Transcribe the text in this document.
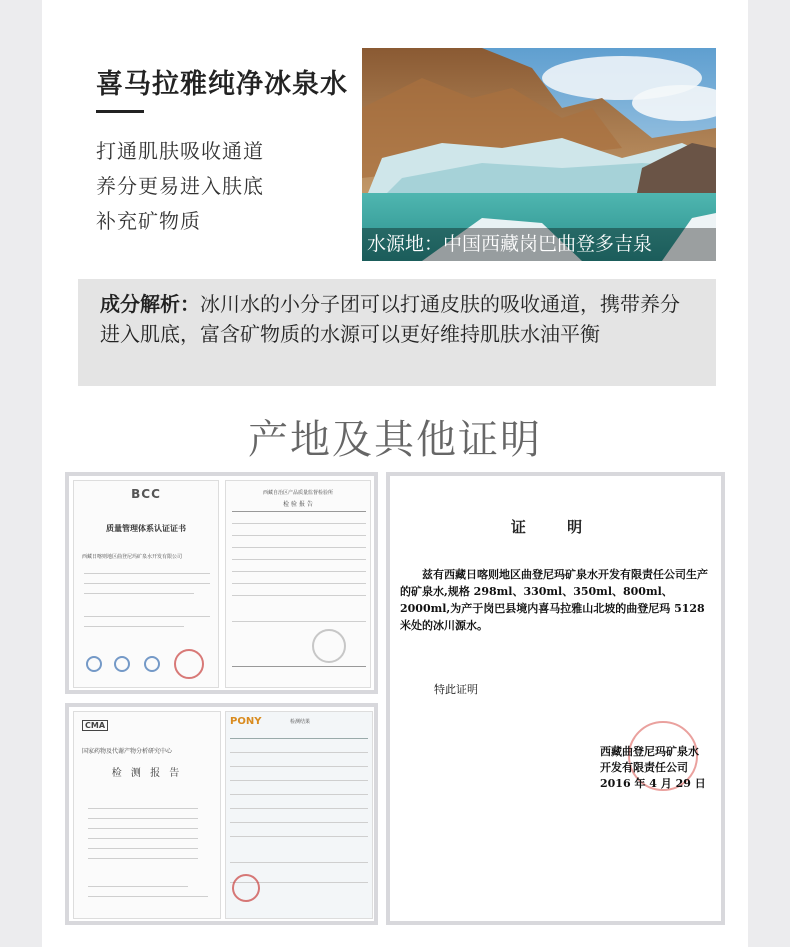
喜马拉雅纯净冰泉水
打通肌肤吸收通道
养分更易进入肤底
补充矿物质
水源地：中国西藏岗巴曲登多吉泉
成分解析：冰川水的小分子团可以打通皮肤的吸收通道，携带养分进入肌底，富含矿物质的水源可以更好维持肌肤水油平衡
产地及其他证明
BCC
质量管理体系认证证书
西藏日喀则地区曲登尼玛矿泉水开发有限公司
西藏自治区产品质量监督检验所
检 验 报 告
证 明
兹有西藏日喀则地区曲登尼玛矿泉水开发有限责任公司生产的矿泉水,规格 298ml、330ml、350ml、800ml、2000ml,为产于岗巴县境内喜马拉雅山北坡的曲登尼玛 5128 米处的冰川源水。
特此证明
西藏曲登尼玛矿泉水
开发有限责任公司
2016 年 4 月 29 日
CMA
国家药物及代谢产物分析研究中心
检 测 报 告
PONY	检测结果
